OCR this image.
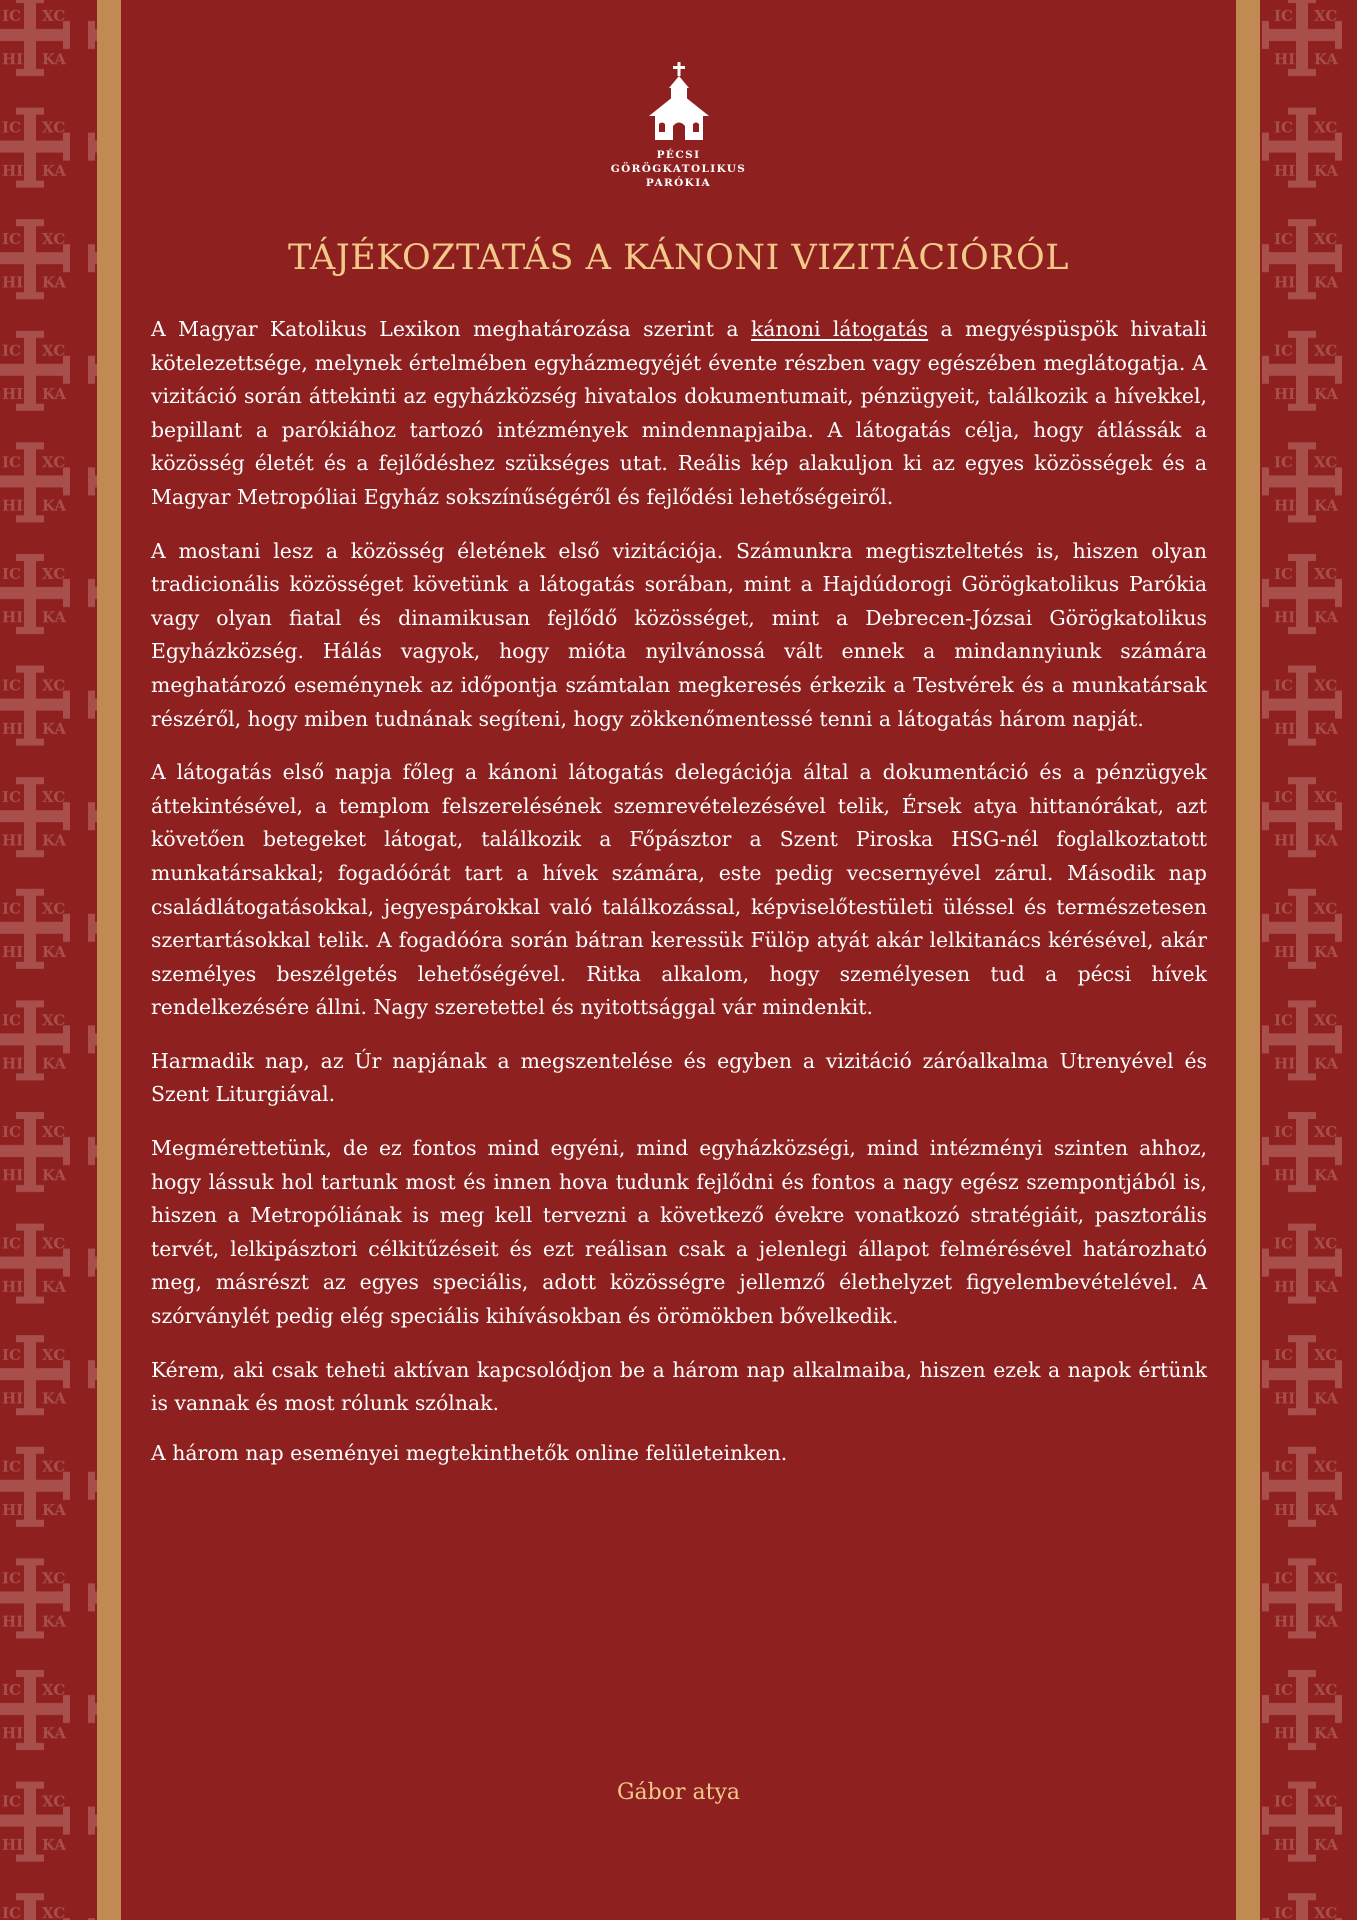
PÉCSI
GÖRÖGKATOLIKUS
PARÓKIA
TÁJÉKOZTATÁS A KÁNONI VIZITÁCIÓRÓL

A Magyar Katolikus Lexikon meghatározása szerint a kánoni látogatás a megyéspüspök hivatali kötelezettsége, melynek értelmében egyházmegyéjét évente részben vagy egészében meglátogatja. A vizitáció során áttekinti az egyházközség hivatalos dokumentumait, pénzügyeit, találkozik a hívekkel, bepillant a parókiához tartozó intézmények mindennapjaiba. A látogatás célja, hogy átlássák a közösség életét és a fejlődéshez szükséges utat. Reális kép alakuljon ki az egyes közösségek és a Magyar Metropóliai Egyház sokszínűségéről és fejlődési lehetőségeiről.

A mostani lesz a közösség életének első vizitációja. Számunkra megtiszteltetés is, hiszen olyan tradicionális közösséget követünk a látogatás sorában, mint a Hajdúdorogi Görögkatolikus Parókia vagy olyan fiatal és dinamikusan fejlődő közösséget, mint a Debrecen-Józsai Görögkatolikus Egyházközség. Hálás vagyok, hogy mióta nyilvánossá vált ennek a mindannyiunk számára meghatározó eseménynek az időpontja számtalan megkeresés érkezik a Testvérek és a munkatársak részéről, hogy miben tudnának segíteni, hogy zökkenőmentessé tenni a látogatás három napját.

A látogatás első napja főleg a kánoni látogatás delegációja által a dokumentáció és a pénzügyek áttekintésével, a templom felszerelésének szemrevételezésével telik, Érsek atya hittanórákat, azt követően betegeket látogat, találkozik a Főpásztor a Szent Piroska HSG-nél foglalkoztatott munkatársakkal; fogadóórát tart a hívek számára, este pedig vecsernyével zárul. Második nap családlátogatásokkal, jegyespárokkal való találkozással, képviselőtestületi üléssel és természetesen szertartásokkal telik. A fogadóóra során bátran keressük Fülöp atyát akár lelkitanács kérésével, akár személyes beszélgetés lehetőségével. Ritka alkalom, hogy személyesen tud a pécsi hívek rendelkezésére állni. Nagy szeretettel és nyitottsággal vár mindenkit.

Harmadik nap, az Úr napjának a megszentelése és egyben a vizitáció záróalkalma Utrenyével és Szent Liturgiával.

Megmérettetünk, de ez fontos mind egyéni, mind egyházközségi, mind intézményi szinten ahhoz, hogy lássuk hol tartunk most és innen hova tudunk fejlődni és fontos a nagy egész szempontjából is, hiszen a Metropóliának is meg kell tervezni a következő évekre vonatkozó stratégiáit, pasztorális tervét, lelkipásztori célkitűzéseit és ezt reálisan csak a jelenlegi állapot felmérésével határozható meg, másrészt az egyes speciális, adott közösségre jellemző élethelyzet figyelembevételével. A szórványlét pedig elég speciális kihívásokban és örömökben bővelkedik.

Kérem, aki csak teheti aktívan kapcsolódjon be a három nap alkalmaiba, hiszen ezek a napok értünk is vannak és most rólunk szólnak.

A három nap eseményei megtekinthetők online felületeinken.

Gábor atya
